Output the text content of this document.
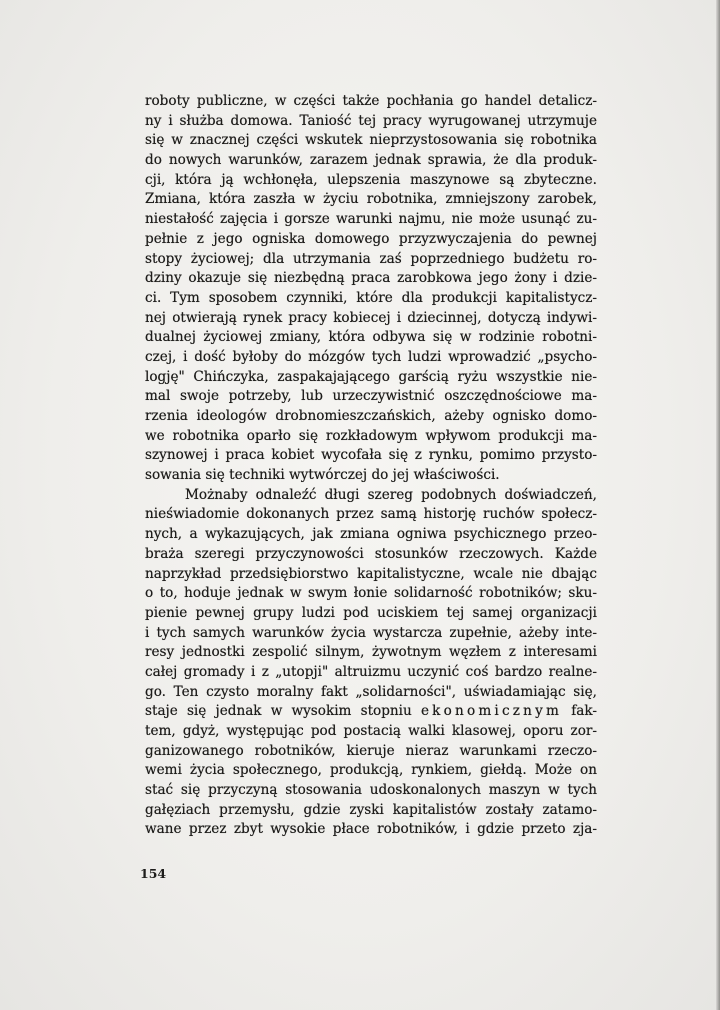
roboty publiczne, w części także pochłania go handel detalicz-
ny i służba domowa. Taniość tej pracy wyrugowanej utrzymuje
się w znacznej części wskutek nieprzystosowania się robotnika
do nowych warunków, zarazem jednak sprawia, że dla produk-
cji, która ją wchłonęła, ulepszenia maszynowe są zbyteczne.
Zmiana, która zaszła w życiu robotnika, zmniejszony zarobek,
niestałość zajęcia i gorsze warunki najmu, nie może usunąć zu-
pełnie z jego ogniska domowego przyzwyczajenia do pewnej
stopy życiowej; dla utrzymania zaś poprzedniego budżetu ro-
dziny okazuje się niezbędną praca zarobkowa jego żony i dzie-
ci. Tym sposobem czynniki, które dla produkcji kapitalistycz-
nej otwierają rynek pracy kobiecej i dziecinnej, dotyczą indywi-
dualnej życiowej zmiany, która odbywa się w rodzinie robotni-
czej, i dość byłoby do mózgów tych ludzi wprowadzić „psycho-
logję" Chińczyka, zaspakajającego garścią ryżu wszystkie nie-
mal swoje potrzeby, lub urzeczywistnić oszczędnościowe ma-
rzenia ideologów drobnomieszczańskich, ażeby ognisko domo-
we robotnika oparło się rozkładowym wpływom produkcji ma-
szynowej i praca kobiet wycofała się z rynku, pomimo przysto-
sowania się techniki wytwórczej do jej właściwości.
Możnaby odnaleźć długi szereg podobnych doświadczeń,
nieświadomie dokonanych przez samą historję ruchów społecz-
nych, a wykazujących, jak zmiana ogniwa psychicznego przeo-
braża szeregi przyczynowości stosunków rzeczowych. Każde
naprzykład przedsiębiorstwo kapitalistyczne, wcale nie dbając
o to, hoduje jednak w swym łonie solidarność robotników; sku-
pienie pewnej grupy ludzi pod uciskiem tej samej organizacji
i tych samych warunków życia wystarcza zupełnie, ażeby inte-
resy jednostki zespolić silnym, żywotnym węzłem z interesami
całej gromady i z „utopji" altruizmu uczynić coś bardzo realne-
go. Ten czysto moralny fakt „solidarności", uświadamiając się,
staje się jednak w wysokim stopniu ekonomicznym fak-
tem, gdyż, występując pod postacią walki klasowej, oporu zor-
ganizowanego robotników, kieruje nieraz warunkami rzeczo-
wemi życia społecznego, produkcją, rynkiem, giełdą. Może on
stać się przyczyną stosowania udoskonalonych maszyn w tych
gałęziach przemysłu, gdzie zyski kapitalistów zostały zatamo-
wane przez zbyt wysokie płace robotników, i gdzie przeto zja-
154
